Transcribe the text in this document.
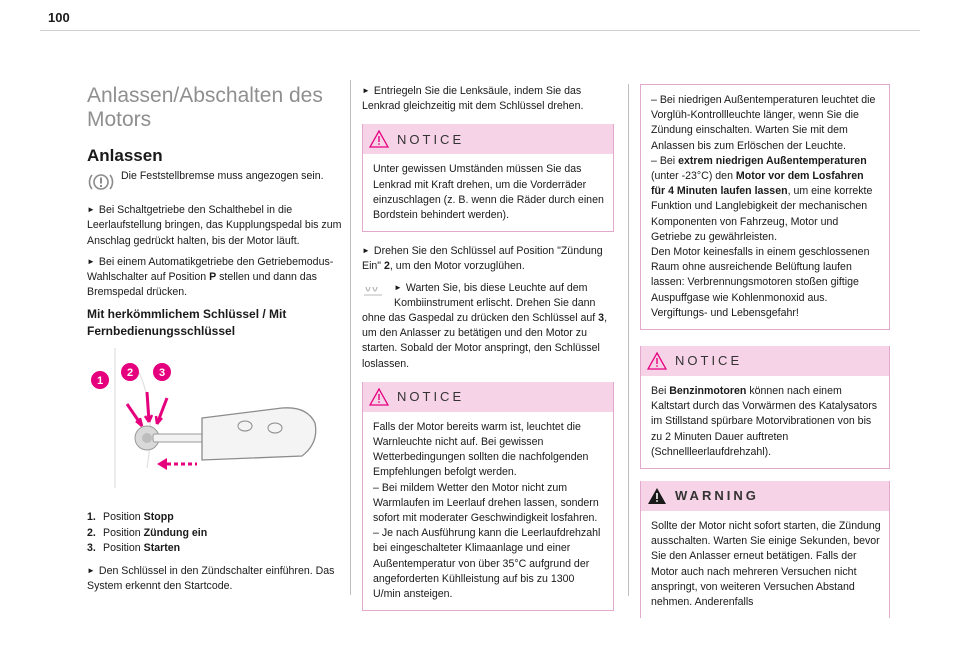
100
Anlassen/Abschalten des Motors
Anlassen
Die Feststellbremse muss angezogen sein.

► Bei Schaltgetriebe den Schalthebel in die Leerlaufstellung bringen, das Kupplungspedal bis zum Anschlag gedrückt halten, bis der Motor läuft.

► Bei einem Automatikgetriebe den Getriebemodus-Wahlschalter auf Position P stellen und dann das Bremspedal drücken.

Mit herkömmlichem Schlüssel / Mit Fernbedienungsschlüssel
1
2 3
1. Position
Stopp
2. Position
Zündung ein
3. Position
Starten

► Den Schlüssel in den Zündschalter einführen. Das System erkennt den Startcode.

► Entriegeln Sie die Lenksäule, indem Sie das Lenkrad gleichzeitig mit dem Schlüssel drehen.

NOTICE

Unter gewissen Umständen müssen Sie das Lenkrad mit Kraft drehen, um die Vorderräder einzuschlagen (z. B. wenn die Räder durch einen Bordstein behindert werden).

► Drehen Sie den Schlüssel auf Position "Zündung Ein" 2, um den Motor vorzuglühen.

► Warten Sie, bis diese Leuchte auf dem Kombiinstrument erlischt. Drehen Sie dann ohne das Gaspedal zu drücken den Schlüssel auf 3, um den Anlasser zu betätigen und den Motor zu starten. Sobald der Motor anspringt, den Schlüssel loslassen.

NOTICE

Falls der Motor bereits warm ist, leuchtet die Warnleuchte nicht auf. Bei gewissen Wetterbedingungen sollten die nachfolgenden Empfehlungen befolgt werden.

– Bei mildem Wetter den Motor nicht zum Warmlaufen im Leerlauf drehen lassen, sondern sofort mit moderater Geschwindigkeit losfahren.

– Je nach Ausführung kann die Leerlaufdrehzahl bei eingeschalteter Klimaanlage und einer Außentemperatur von über 35°C aufgrund der angeforderten Kühlleistung auf bis zu 1300 U/min ansteigen.

– Bei niedrigen Außentemperaturen leuchtet die Vorglüh-Kontrollleuchte länger, wenn Sie die Zündung einschalten. Warten Sie mit dem Anlassen bis zum Erlöschen der Leuchte.

– Bei extrem niedrigen Außentemperaturen (unter -23°C) den Motor vor dem Losfahren für 4 Minuten laufen lassen, um eine korrekte Funktion und Langlebigkeit der mechanischen Komponenten von Fahrzeug, Motor und Getriebe zu gewährleisten.

Den Motor keinesfalls in einem geschlossenen Raum ohne ausreichende Belüftung laufen lassen: Verbrennungsmotoren stoßen giftige Auspuffgase wie Kohlenmonoxid aus. Vergiftungs- und Lebensgefahr!

NOTICE

Bei Benzinmotoren können nach einem Kaltstart durch das Vorwärmen des Katalysators im Stillstand spürbare Motorvibrationen von bis zu 2 Minuten Dauer auftreten (Schnellleerlaufdrehzahl).

WARNING

Sollte der Motor nicht sofort starten, die Zündung ausschalten. Warten Sie einige Sekunden, bevor Sie den Anlasser erneut betätigen. Falls der Motor auch nach mehreren Versuchen nicht anspringt, von weiteren Versuchen Abstand nehmen. Anderenfalls
